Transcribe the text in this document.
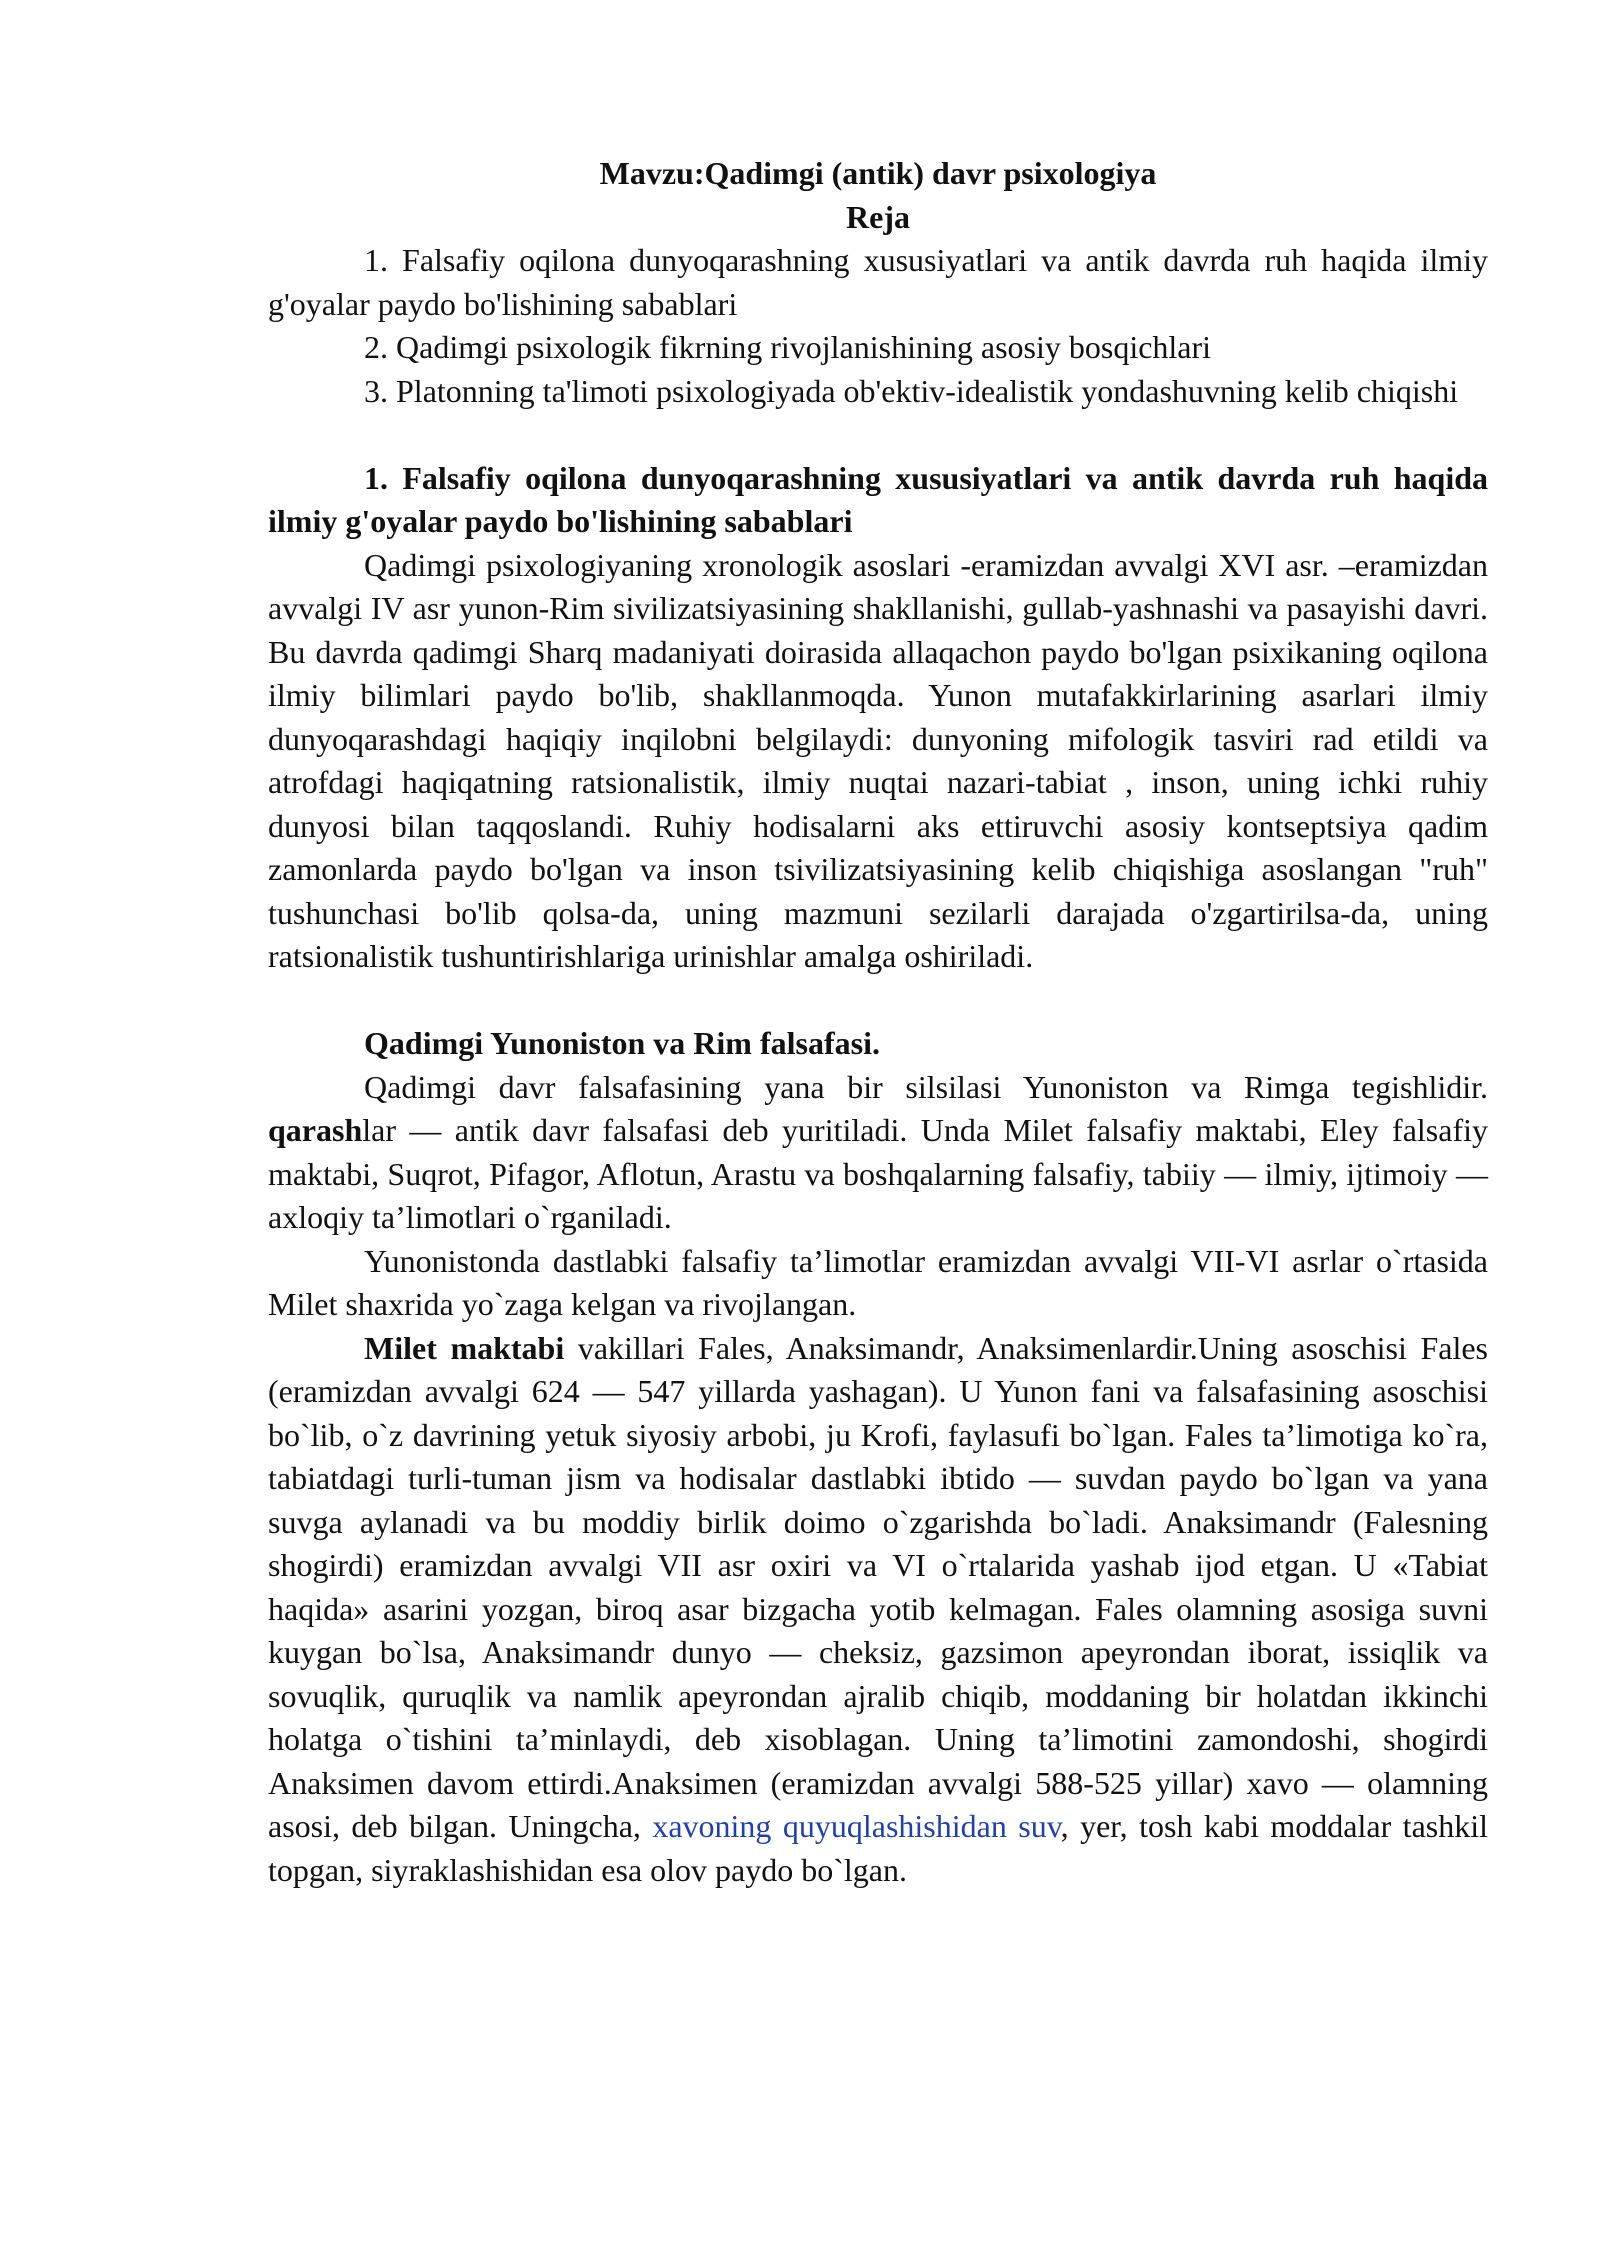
Mavzu:Qadimgi (antik) davr psixologiya

Reja

1. Falsafiy oqilona dunyoqarashning xususiyatlari va antik davrda ruh haqida ilmiy g'oyalar paydo bo'lishining sabablari

2. Qadimgi psixologik fikrning rivojlanishining asosiy bosqichlari

3. Platonning ta'limoti psixologiyada ob'ektiv-idealistik yondashuvning kelib chiqishi

1. Falsafiy oqilona dunyoqarashning xususiyatlari va antik davrda ruh haqida ilmiy g'oyalar paydo bo'lishining sabablari

Qadimgi psixologiyaning xronologik asoslari -eramizdan avvalgi XVI asr. –eramizdan avvalgi IV asr yunon-Rim sivilizatsiyasining shakllanishi, gullab-yashnashi va pasayishi davri.        Bu davrda qadimgi Sharq madaniyati doirasida allaqachon paydo bo'lgan psixikaning oqilona ilmiy bilimlari paydo bo'lib, shakllanmoqda. Yunon mutafakkirlarining asarlari ilmiy dunyoqarashdagi haqiqiy inqilobni belgilaydi: dunyoning mifologik tasviri rad etildi va atrofdagi haqiqatning ratsionalistik, ilmiy nuqtai nazari-tabiat , inson, uning ichki ruhiy dunyosi bilan taqqoslandi. Ruhiy hodisalarni aks ettiruvchi asosiy kontseptsiya qadim zamonlarda paydo bo'lgan va inson tsivilizatsiyasining kelib chiqishiga asoslangan "ruh" tushunchasi bo'lib qolsa-da, uning mazmuni sezilarli darajada o'zgartirilsa-da, uning ratsionalistik tushuntirishlariga urinishlar amalga oshiriladi.

Qadimgi Yunoniston va Rim falsafasi.

Qadimgi davr falsafasining yana bir silsilasi Yunoniston va Rimga tegishlidir. qarashlar — antik davr falsafasi deb yuritiladi. Unda Milet falsafiy maktabi, Eley falsafiy maktabi, Suqrot, Pifagor, Aflotun, Arastu va boshqalarning falsafiy, tabiiy — ilmiy, ijtimoiy — axloqiy ta’limotlari o`rganiladi.

Yunonistonda dastlabki falsafiy ta’limotlar eramizdan avvalgi VII-VI asrlar o`rtasida Milet shaxrida yo`zaga kelgan va rivojlangan.

Milet maktabi vakillari Fales, Anaksimandr, Anaksimenlardir.Uning asoschisi Fales (eramizdan avvalgi 624 — 547 yillarda yashagan). U Yunon fani va falsafasining asoschisi bo`lib, o`z davrining yetuk siyosiy arbobi, ju Krofi, faylasufi bo`lgan. Fales ta’limotiga ko`ra, tabiatdagi turli-tuman jism va hodisalar dastlabki ibtido — suvdan paydo bo`lgan va yana suvga aylanadi va bu moddiy birlik doimo o`zgarishda bo`ladi. Anaksimandr (Falesning shogirdi) eramizdan avvalgi VII asr oxiri va VI o`rtalarida yashab ijod etgan. U «Tabiat haqida» asarini yozgan, biroq asar bizgacha yotib kelmagan. Fales olamning asosiga suvni kuygan bo`lsa, Anaksimandr dunyo — cheksiz, gazsimon apeyrondan iborat, issiqlik va sovuqlik, quruqlik va namlik apeyrondan ajralib chiqib, moddaning bir holatdan ikkinchi holatga o`tishini ta’minlaydi, deb xisoblagan. Uning ta’limotini zamondoshi, shogirdi Anaksimen davom ettirdi.Anaksimen (eramizdan avvalgi 588-525 yillar) xavo — olamning asosi, deb bilgan. Uningcha, xavoning quyuqlashishidan suv, yer, tosh kabi moddalar tashkil topgan, siyraklashishidan esa olov paydo bo`lgan.
